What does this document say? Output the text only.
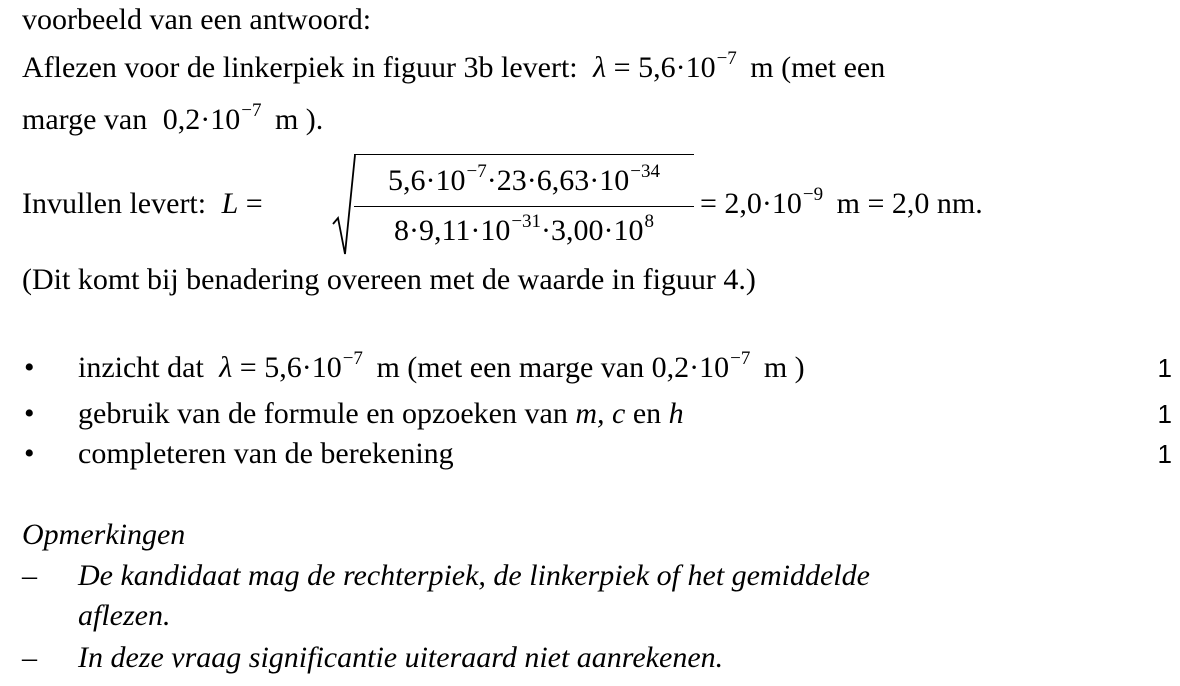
voorbeeld van een antwoord:
Aflezen voor de linkerpiek in figuur 3b levert: $\lambda = 5,6\cdot 10^{-7}$ m (met een
marge van $0,2\cdot 10^{-7}$ m ).
Invullen levert: L =
$5,6\cdot 10^{-7}\cdot 23\cdot 6,63\cdot 10^{-34}$
$8\cdot 9,11\cdot 10^{-31}\cdot 3,00\cdot 10^8$
= $2,0\cdot 10^{-9}$ m = 2,0 nm.
(Dit komt bij benadering overeen met de waarde in figuur 4.)
• inzicht dat $\lambda = 5,6\cdot 10^{-7}$ m (met een marge van $0,2\cdot 10^{-7}$ m )	1
• gebruik van de formule en opzoeken van m, c en h	1
• completeren van de berekening	1
Opmerkingen
– De kandidaat mag de rechterpiek, de linkerpiek of het gemiddelde
aflezen.
– In deze vraag significantie uiteraard niet aanrekenen.
